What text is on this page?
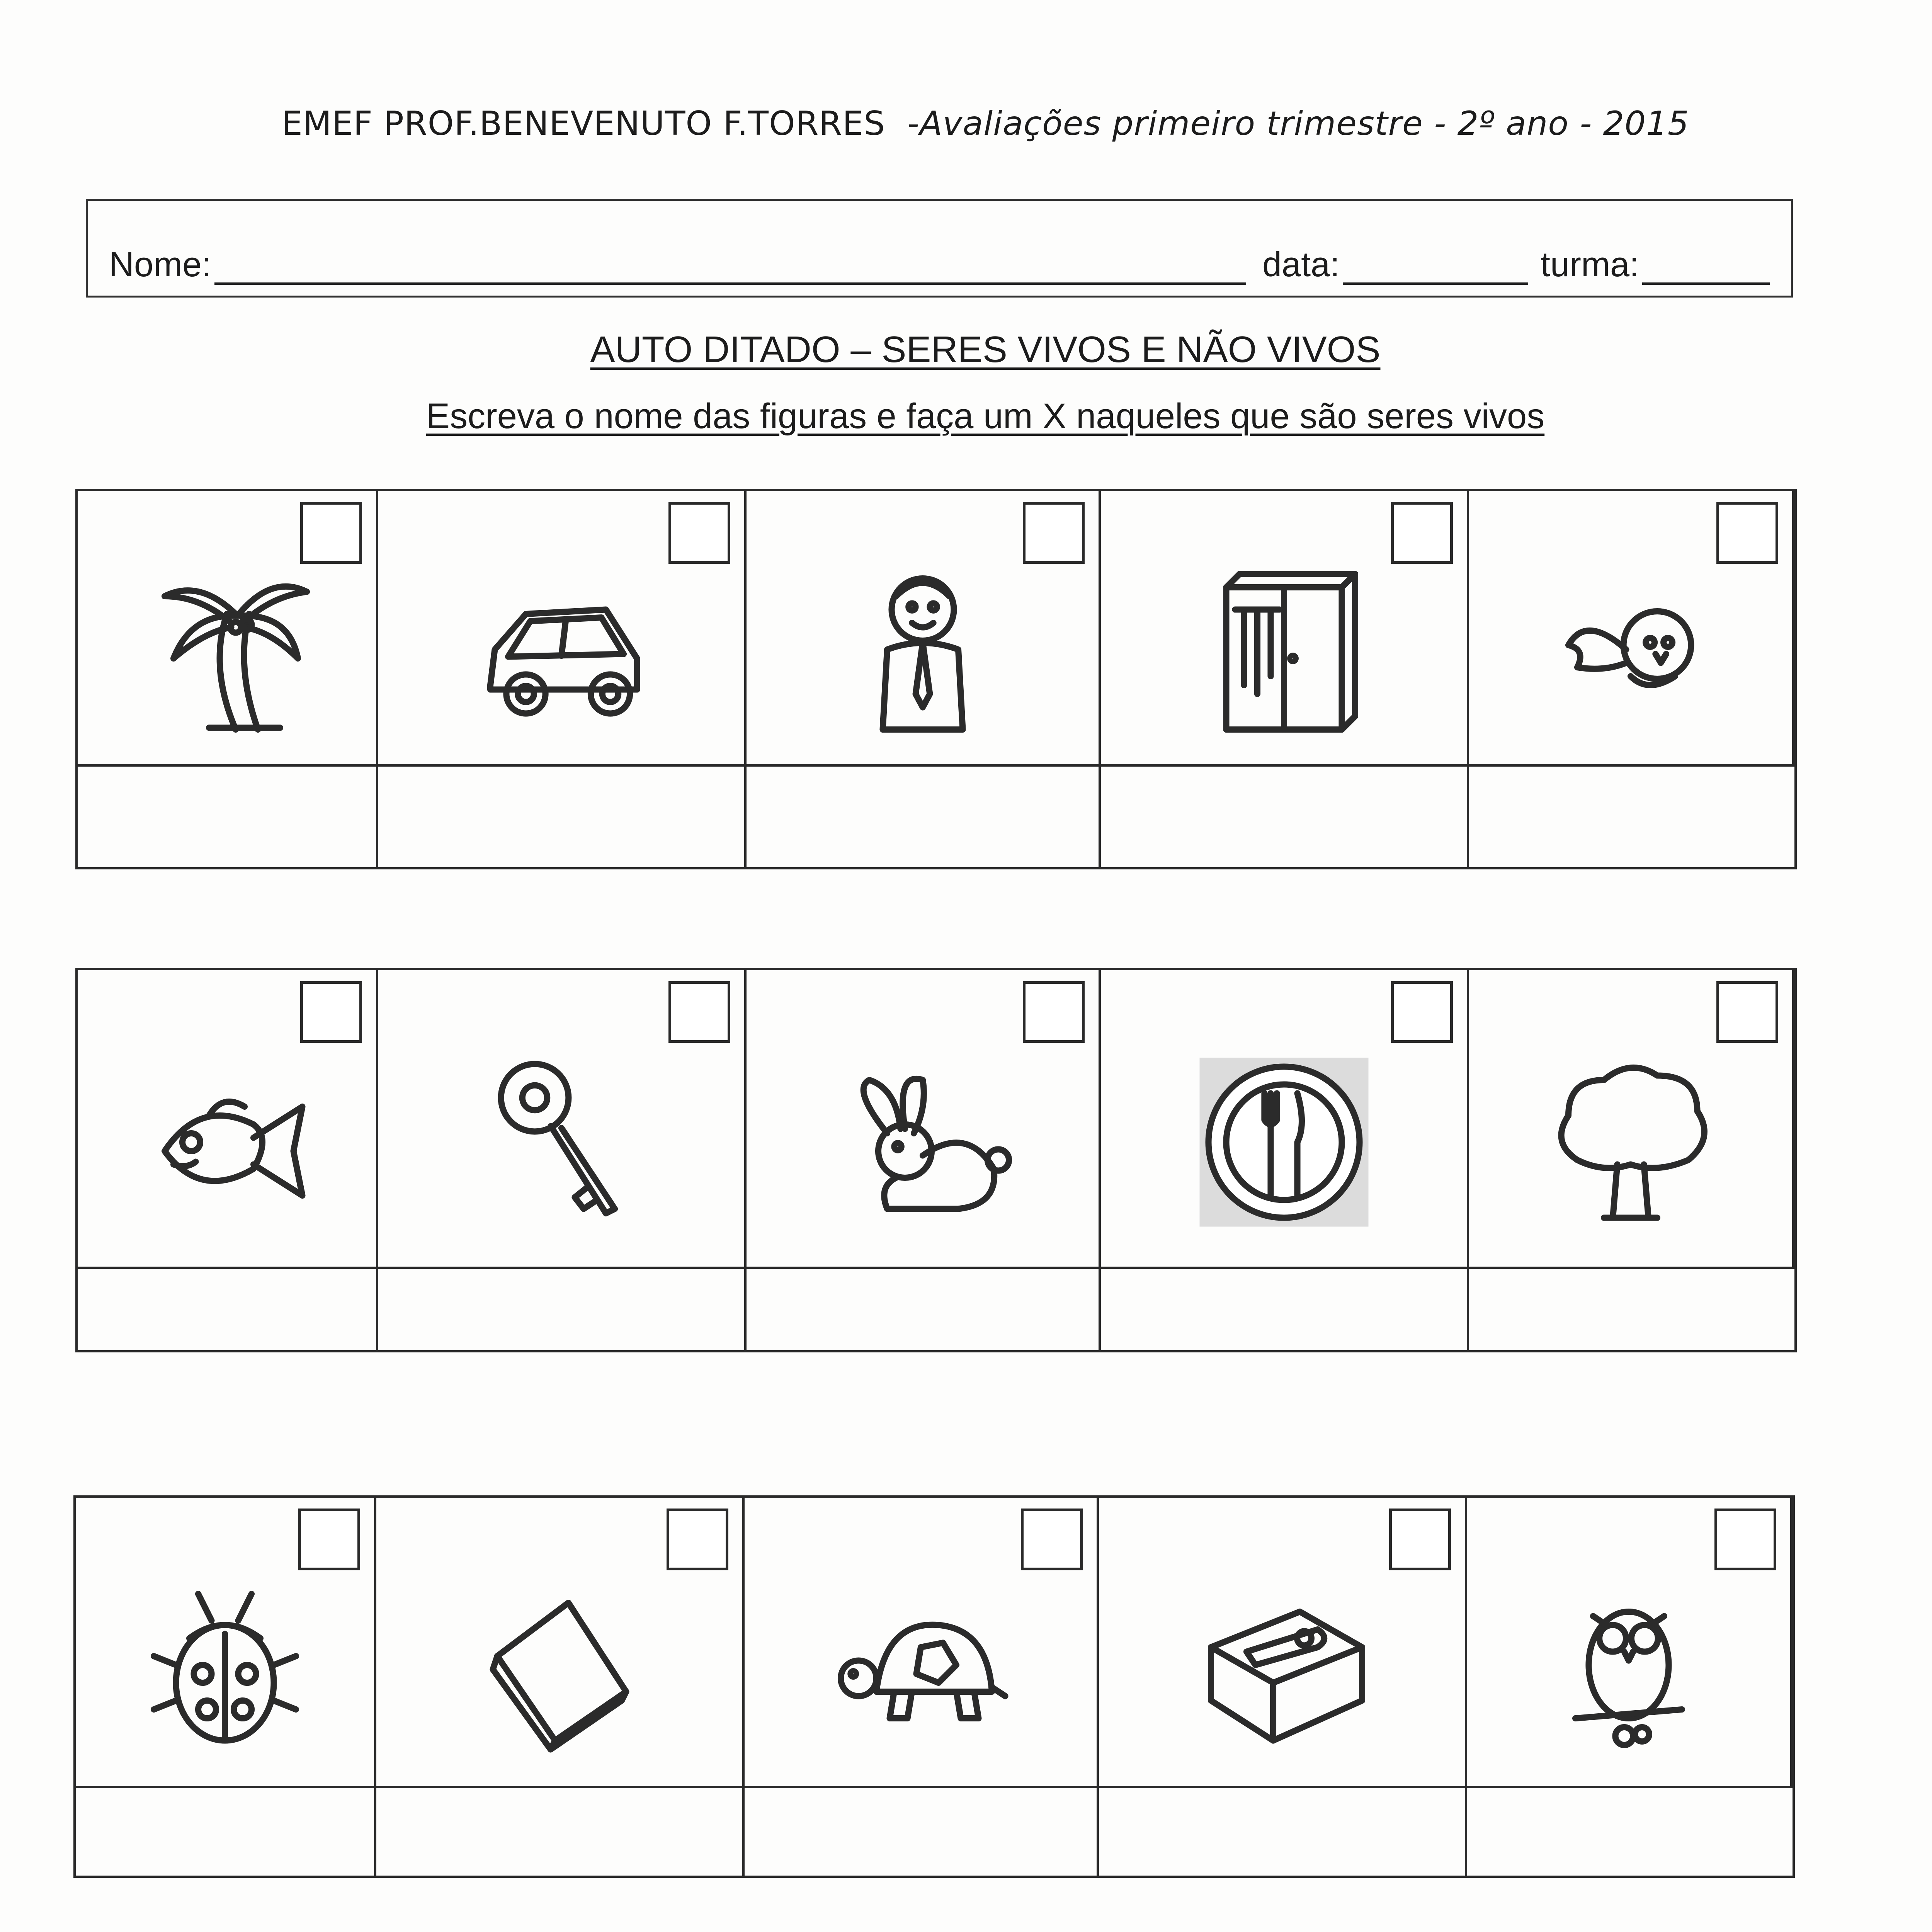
EMEF PROF.BENEVENUTO F.TORRES -Avaliações primeiro trimestre - 2º ano - 2015
Nome:	data:	turma:
AUTO DITADO – SERES VIVOS E NÃO VIVOS
Escreva o nome das figuras e faça um X naqueles que são seres vivos
